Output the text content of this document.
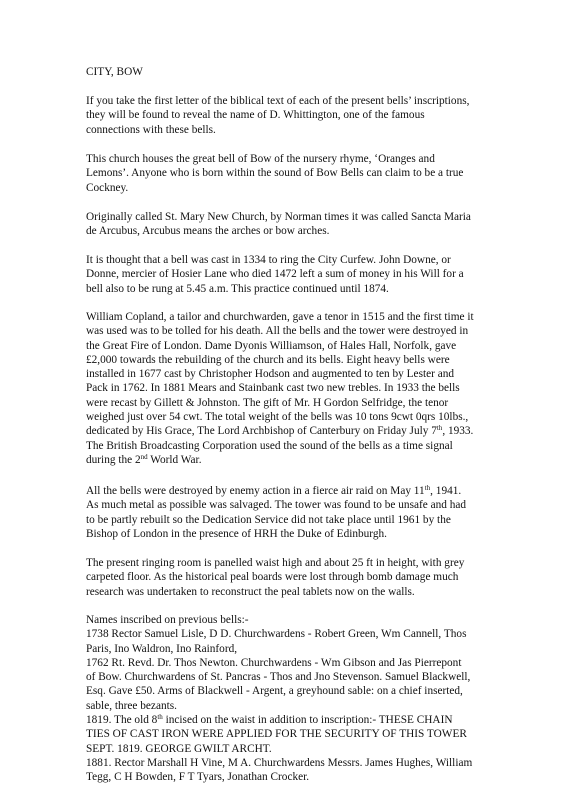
CITY, BOW

If you take the first letter of the biblical text of each of the present bells’ inscriptions,
they will be found to reveal the name of D. Whittington, one of the famous
connections with these bells.

This church houses the great bell of Bow of the nursery rhyme, ‘Oranges and
Lemons’. Anyone who is born within the sound of Bow Bells can claim to be a true
Cockney.

Originally called St. Mary New Church, by Norman times it was called Sancta Maria
de Arcubus, Arcubus means the arches or bow arches.

It is thought that a bell was cast in 1334 to ring the City Curfew. John Downe, or
Donne, mercier of Hosier Lane who died 1472 left a sum of money in his Will for a
bell also to be rung at 5.45 a.m. This practice continued until 1874.

William Copland, a tailor and churchwarden, gave a tenor in 1515 and the first time it
was used was to be tolled for his death. All the bells and the tower were destroyed in
the Great Fire of London. Dame Dyonis Williamson, of Hales Hall, Norfolk, gave
£2,000 towards the rebuilding of the church and its bells. Eight heavy bells were
installed in 1677 cast by Christopher Hodson and augmented to ten by Lester and
Pack in 1762. In 1881 Mears and Stainbank cast two new trebles. In 1933 the bells
were recast by Gillett & Johnston. The gift of Mr. H Gordon Selfridge, the tenor
weighed just over 54 cwt. The total weight of the bells was 10 tons 9cwt 0qrs 10lbs.,
dedicated by His Grace, The Lord Archbishop of Canterbury on Friday July 7th, 1933.
The British Broadcasting Corporation used the sound of the bells as a time signal
during the 2nd World War.

All the bells were destroyed by enemy action in a fierce air raid on May 11th, 1941.
As much metal as possible was salvaged. The tower was found to be unsafe and had
to be partly rebuilt so the Dedication Service did not take place until 1961 by the
Bishop of London in the presence of HRH the Duke of Edinburgh.

The present ringing room is panelled waist high and about 25 ft in height, with grey
carpeted floor. As the historical peal boards were lost through bomb damage much
research was undertaken to reconstruct the peal tablets now on the walls.

Names inscribed on previous bells:-
1738 Rector Samuel Lisle, D D. Churchwardens - Robert Green, Wm Cannell, Thos
Paris, Ino Waldron, Ino Rainford,
1762 Rt. Revd. Dr. Thos Newton. Churchwardens - Wm Gibson and Jas Pierrepont
of Bow. Churchwardens of St. Pancras - Thos and Jno Stevenson. Samuel Blackwell,
Esq. Gave £50. Arms of Blackwell - Argent, a greyhound sable: on a chief inserted,
sable, three bezants.
1819. The old 8th incised on the waist in addition to inscription:- THESE CHAIN
TIES OF CAST IRON WERE APPLIED FOR THE SECURITY OF THIS TOWER
SEPT. 1819. GEORGE GWILT ARCHT.
1881. Rector Marshall H Vine, M A. Churchwardens Messrs. James Hughes, William
Tegg, C H Bowden, F T Tyars, Jonathan Crocker.
